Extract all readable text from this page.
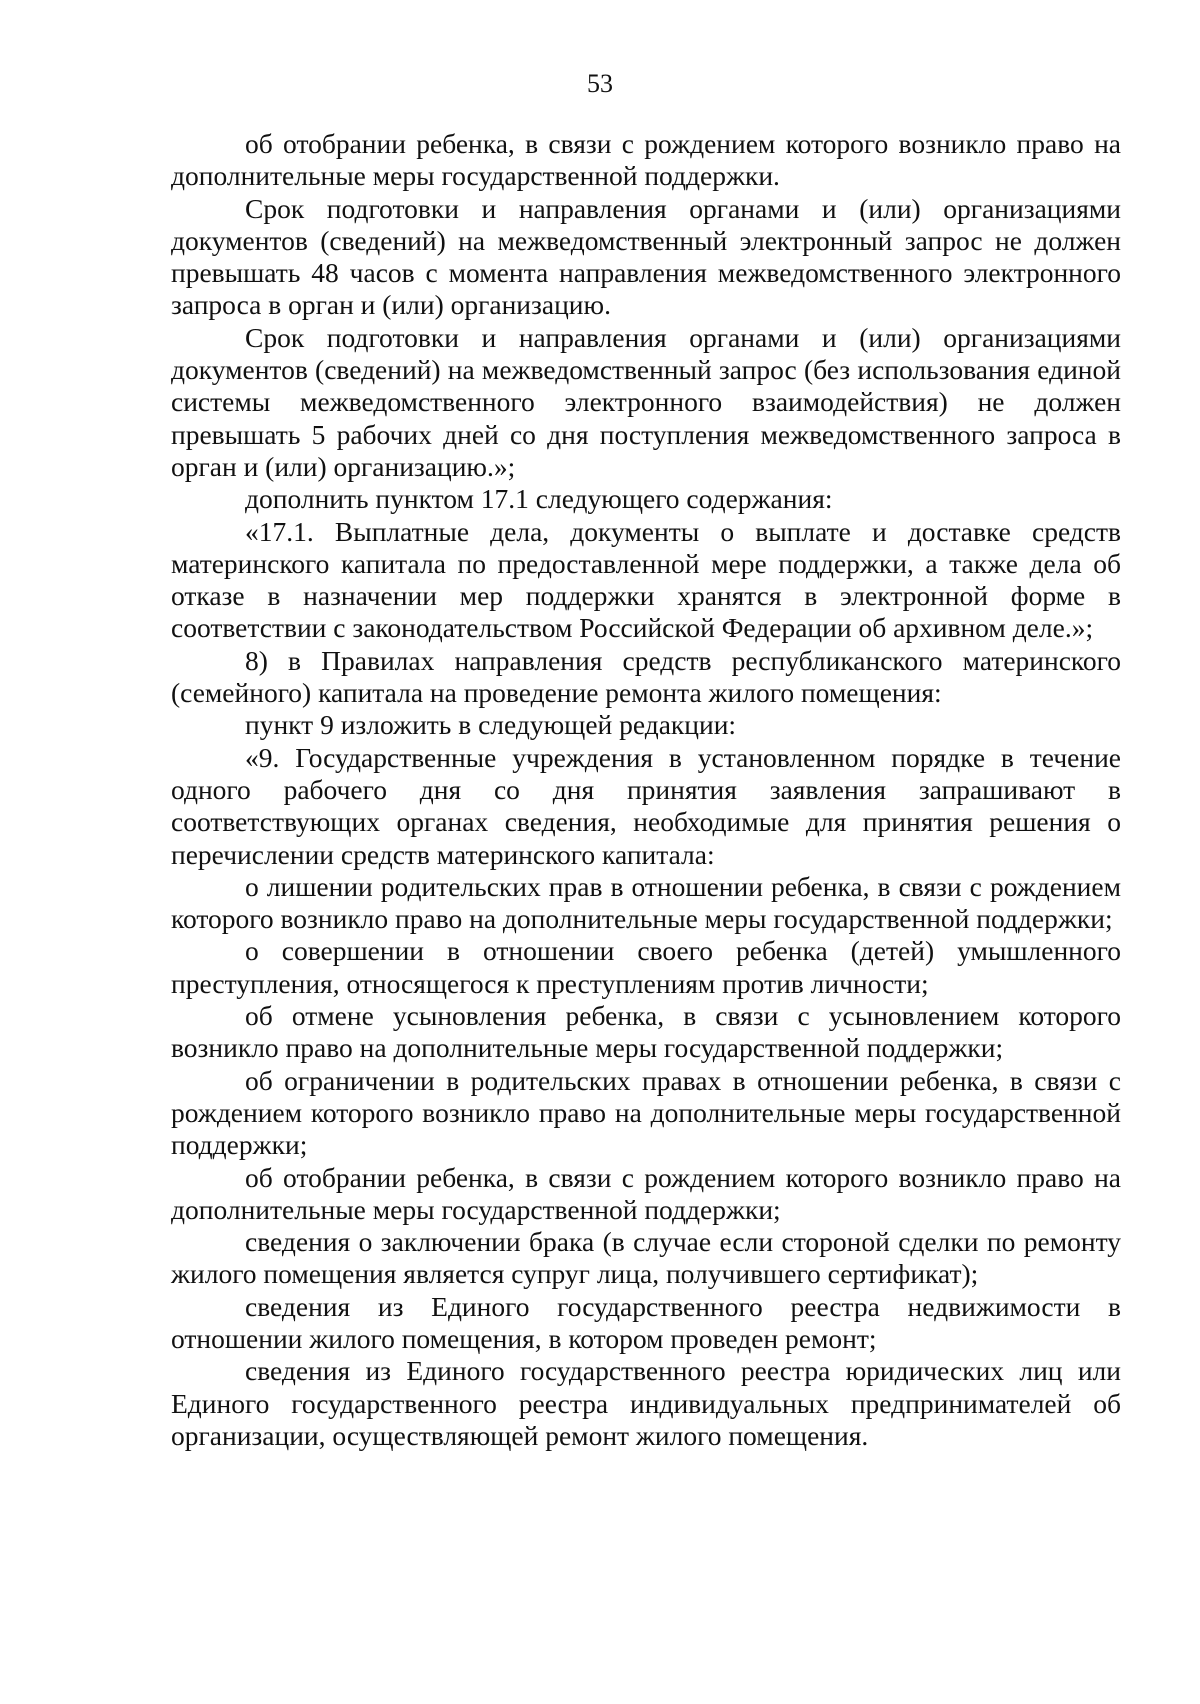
53

об отобрании ребенка, в связи с рождением которого возникло право на дополнительные меры государственной поддержки.

Срок подготовки и направления органами и (или) организациями документов (сведений) на межведомственный электронный запрос не должен превышать 48 часов с момента направления межведомственного электронного запроса в орган и (или) организацию.

Срок подготовки и направления органами и (или) организациями документов (сведений) на межведомственный запрос (без использования единой системы межведомственного электронного взаимодействия) не должен превышать 5 рабочих дней со дня поступления межведомственного запроса в орган и (или) организацию.»;

дополнить пунктом 17.1 следующего содержания:

«17.1. Выплатные дела, документы о выплате и доставке средств материнского капитала по предоставленной мере поддержки, а также дела об отказе в назначении мер поддержки хранятся в электронной форме в соответствии с законодательством Российской Федерации об архивном деле.»;

8) в Правилах направления средств республиканского материнского (семейного) капитала на проведение ремонта жилого помещения:

пункт 9 изложить в следующей редакции:

«9. Государственные учреждения в установленном порядке в течение одного рабочего дня со дня принятия заявления запрашивают в соответствующих органах сведения, необходимые для принятия решения о перечислении средств материнского капитала:

о лишении родительских прав в отношении ребенка, в связи с рождением которого возникло право на дополнительные меры государственной поддержки;

о совершении в отношении своего ребенка (детей) умышленного преступления, относящегося к преступлениям против личности;

об отмене усыновления ребенка, в связи с усыновлением которого возникло право на дополнительные меры государственной поддержки;

об ограничении в родительских правах в отношении ребенка, в связи с рождением которого возникло право на дополнительные меры государственной поддержки;

об отобрании ребенка, в связи с рождением которого возникло право на дополнительные меры государственной поддержки;

сведения о заключении брака (в случае если стороной сделки по ремонту жилого помещения является супруг лица, получившего сертификат);

сведения из Единого государственного реестра недвижимости в отношении жилого помещения, в котором проведен ремонт;

сведения из Единого государственного реестра юридических лиц или Единого государственного реестра индивидуальных предпринимателей об организации, осуществляющей ремонт жилого помещения.
